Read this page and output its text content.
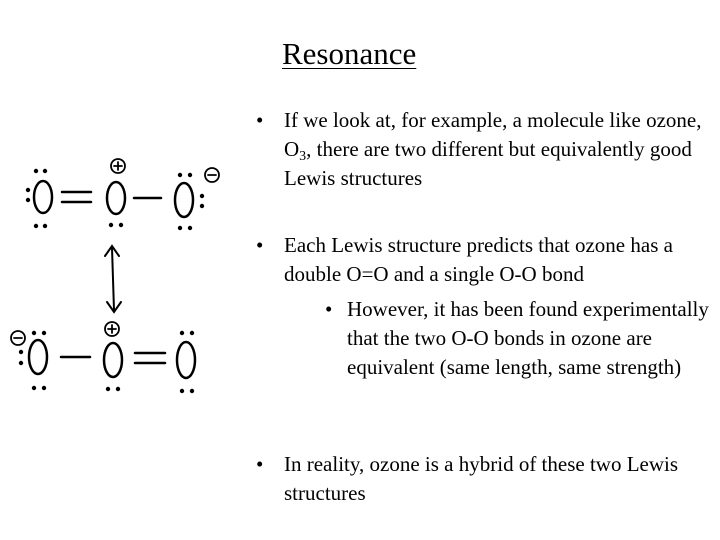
Resonance
• If we look at, for example, a molecule like ozone, $O_3$, there are two different but equivalently good Lewis structures
• Each Lewis structure predicts that ozone has a double O=O and a single O-O bond
• However, it has been found experimentally that the two O-O bonds in ozone are equivalent (same length, same strength)
• In reality, ozone is a hybrid of these two Lewis structures
